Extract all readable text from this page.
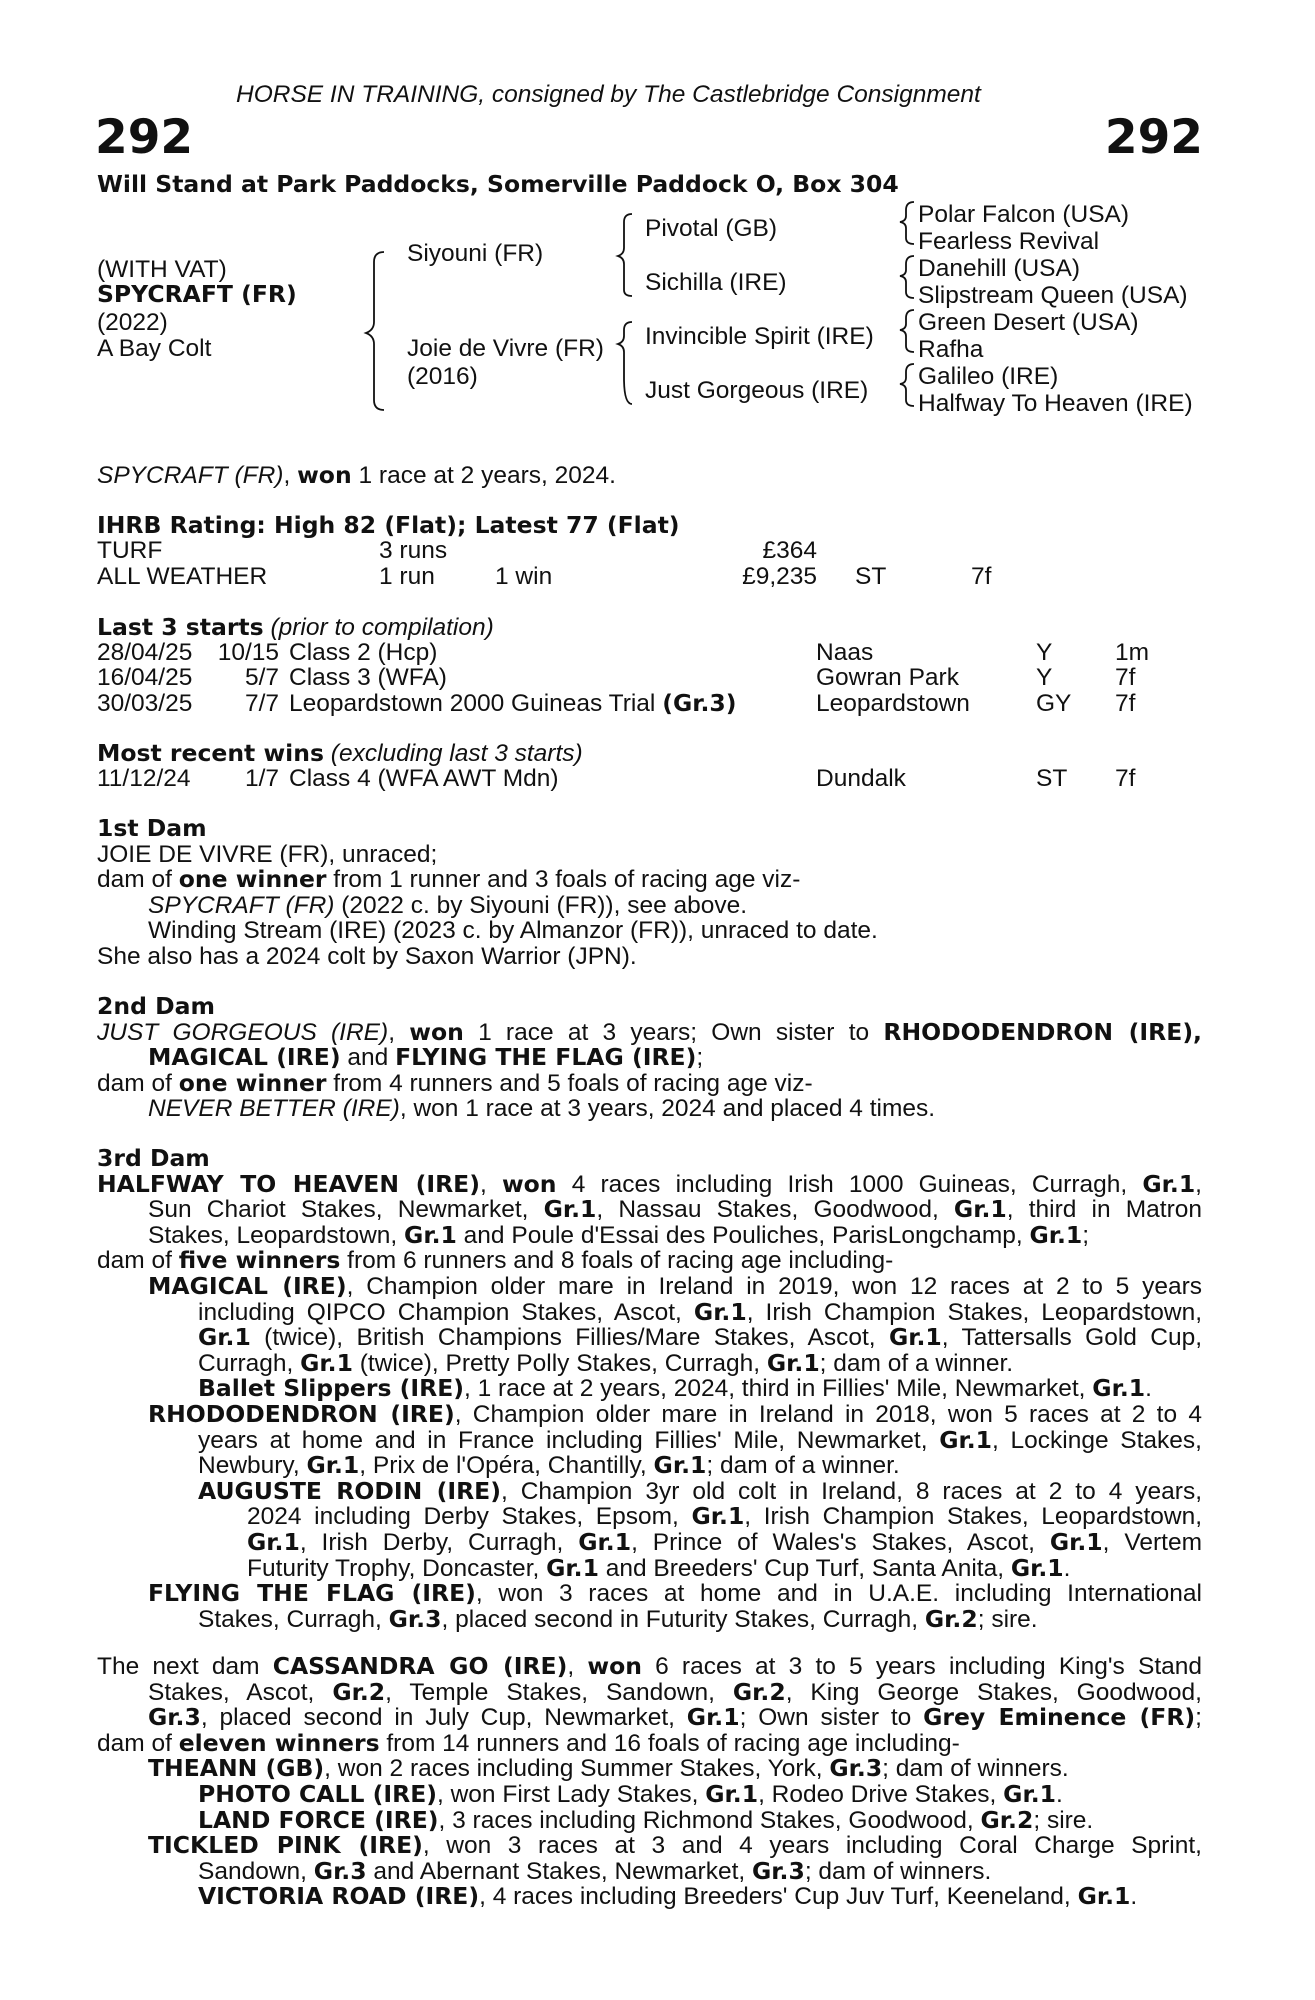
HORSE IN TRAINING, consigned by The Castlebridge Consignment
292	292
Will Stand at Park Paddocks, Somerville Paddock O, Box 304
(WITH VAT)
SPYCRAFT (FR)
(2022)
A Bay Colt
Siyouni (FR)
Joie de Vivre (FR)
(2016)
Pivotal (GB)
Sichilla (IRE)
Invincible Spirit (IRE)
Just Gorgeous (IRE)
Polar Falcon (USA)
Fearless Revival
Danehill (USA)
Slipstream Queen (USA)
Green Desert (USA)
Rafha
Galileo (IRE)
Halfway To Heaven (IRE)
SPYCRAFT (FR), won 1 race at 2 years, 2024.
IHRB Rating: High 82 (Flat); Latest 77 (Flat)
TURF	3 runs	£364
ALL WEATHER	1 run 1 win	£9,235 ST	7f
Last 3 starts (prior to compilation)
28/04/25 10/15 Class 2 (Hcp)	Naas	Y	1m
16/04/25 5/7 Class 3 (WFA)	Gowran Park	Y	7f
30/03/25 7/7 Leopardstown 2000 Guineas Trial (Gr.3)	Leopardstown	GY 7f
Most recent wins (excluding last 3 starts)
11/12/24 1/7 Class 4 (WFA AWT Mdn)	Dundalk	ST 7f
1st Dam
JOIE DE VIVRE (FR), unraced;
dam of one winner from 1 runner and 3 foals of racing age viz-
SPYCRAFT (FR) (2022 c. by Siyouni (FR)), see above.
Winding Stream (IRE) (2023 c. by Almanzor (FR)), unraced to date.
She also has a 2024 colt by Saxon Warrior (JPN).
2nd Dam
JUST GORGEOUS (IRE), won 1 race at 3 years; Own sister to RHODODENDRON (IRE),
MAGICAL (IRE) and FLYING THE FLAG (IRE);
dam of one winner from 4 runners and 5 foals of racing age viz-
NEVER BETTER (IRE), won 1 race at 3 years, 2024 and placed 4 times.
3rd Dam
HALFWAY TO HEAVEN (IRE), won 4 races including Irish 1000 Guineas, Curragh, Gr.1,
Sun Chariot Stakes, Newmarket, Gr.1, Nassau Stakes, Goodwood, Gr.1, third in Matron
Stakes, Leopardstown, Gr.1 and Poule d'Essai des Pouliches, ParisLongchamp, Gr.1;
dam of five winners from 6 runners and 8 foals of racing age including-
MAGICAL (IRE), Champion older mare in Ireland in 2019, won 12 races at 2 to 5 years
including QIPCO Champion Stakes, Ascot, Gr.1, Irish Champion Stakes, Leopardstown,
Gr.1 (twice), British Champions Fillies/Mare Stakes, Ascot, Gr.1, Tattersalls Gold Cup,
Curragh, Gr.1 (twice), Pretty Polly Stakes, Curragh, Gr.1; dam of a winner.
Ballet Slippers (IRE), 1 race at 2 years, 2024, third in Fillies' Mile, Newmarket, Gr.1.
RHODODENDRON (IRE), Champion older mare in Ireland in 2018, won 5 races at 2 to 4
years at home and in France including Fillies' Mile, Newmarket, Gr.1, Lockinge Stakes,
Newbury, Gr.1, Prix de l'Opéra, Chantilly, Gr.1; dam of a winner.
AUGUSTE RODIN (IRE), Champion 3yr old colt in Ireland, 8 races at 2 to 4 years,
2024 including Derby Stakes, Epsom, Gr.1, Irish Champion Stakes, Leopardstown,
Gr.1, Irish Derby, Curragh, Gr.1, Prince of Wales's Stakes, Ascot, Gr.1, Vertem
Futurity Trophy, Doncaster, Gr.1 and Breeders' Cup Turf, Santa Anita, Gr.1.
FLYING THE FLAG (IRE), won 3 races at home and in U.A.E. including International
Stakes, Curragh, Gr.3, placed second in Futurity Stakes, Curragh, Gr.2; sire.
The next dam CASSANDRA GO (IRE), won 6 races at 3 to 5 years including King's Stand
Stakes, Ascot, Gr.2, Temple Stakes, Sandown, Gr.2, King George Stakes, Goodwood,
Gr.3, placed second in July Cup, Newmarket, Gr.1; Own sister to Grey Eminence (FR);
dam of eleven winners from 14 runners and 16 foals of racing age including-
THEANN (GB), won 2 races including Summer Stakes, York, Gr.3; dam of winners.
PHOTO CALL (IRE), won First Lady Stakes, Gr.1, Rodeo Drive Stakes, Gr.1.
LAND FORCE (IRE), 3 races including Richmond Stakes, Goodwood, Gr.2; sire.
TICKLED PINK (IRE), won 3 races at 3 and 4 years including Coral Charge Sprint,
Sandown, Gr.3 and Abernant Stakes, Newmarket, Gr.3; dam of winners.
VICTORIA ROAD (IRE), 4 races including Breeders' Cup Juv Turf, Keeneland, Gr.1.
